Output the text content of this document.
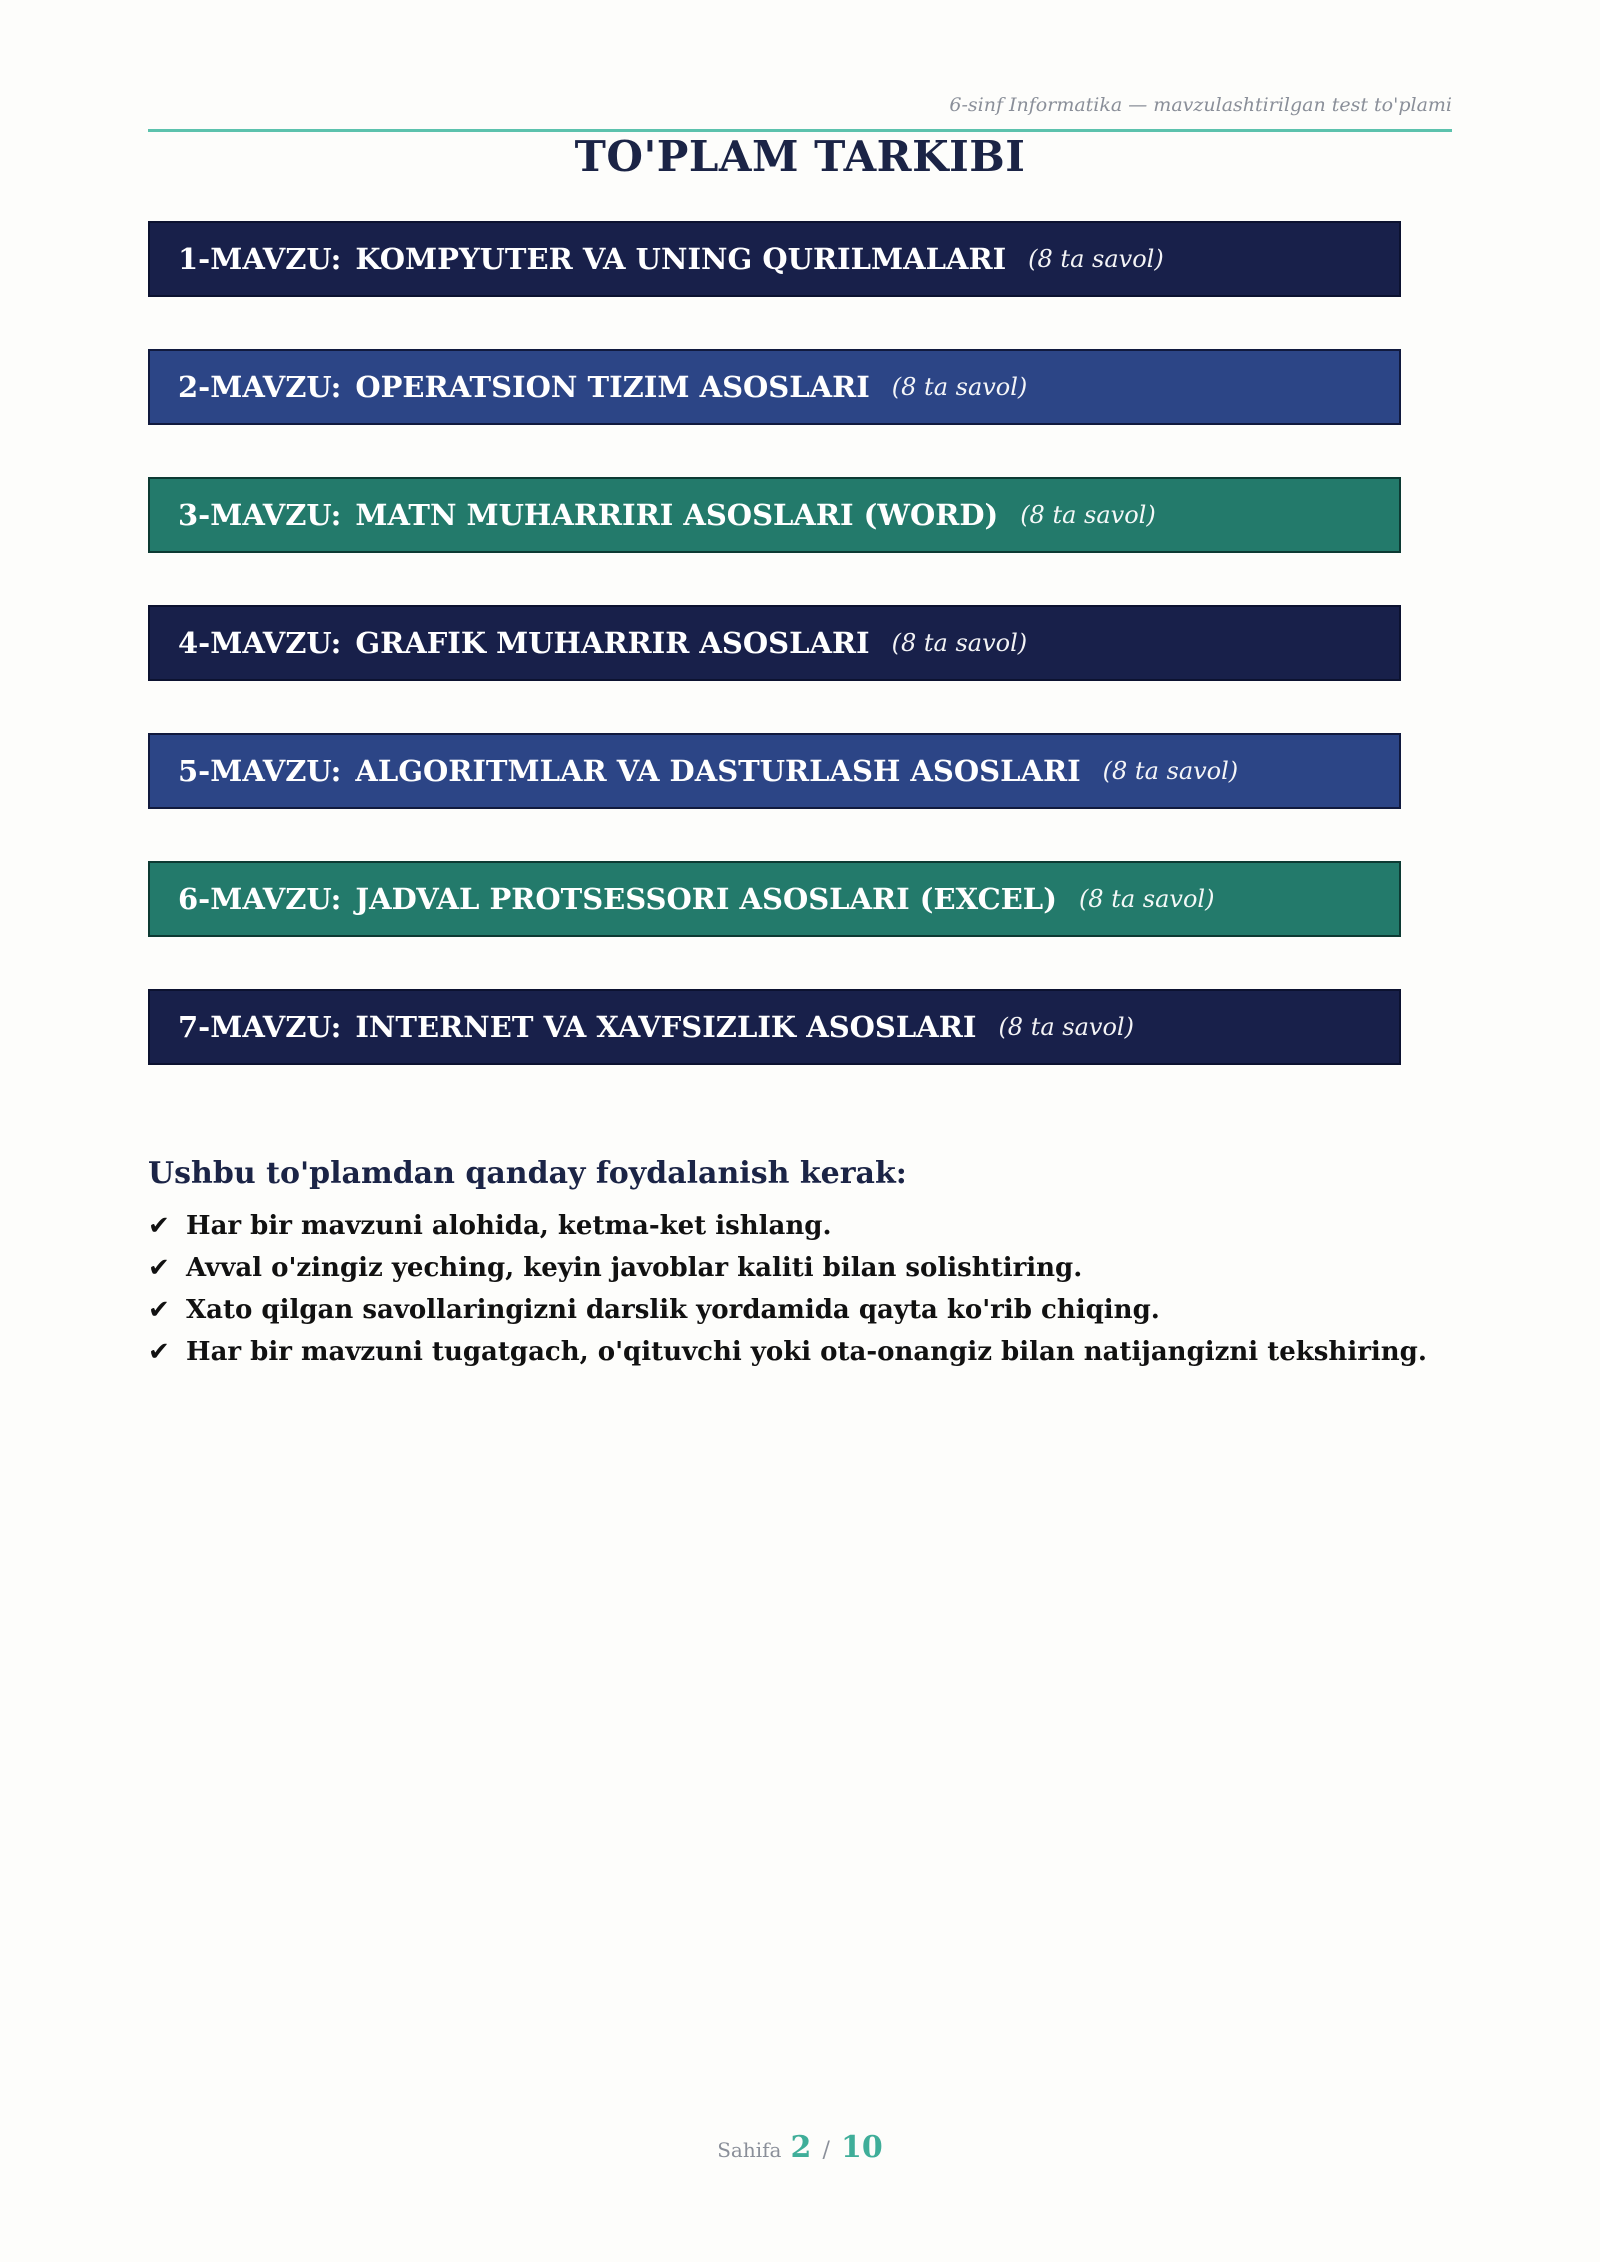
6-sinf Informatika — mavzulashtirilgan test to'plami
TO'PLAM TARKIBI
1-MAVZU: KOMPYUTER VA UNING QURILMALARI (8 ta savol)
2-MAVZU: OPERATSION TIZIM ASOSLARI (8 ta savol)
3-MAVZU: MATN MUHARRIRI ASOSLARI (WORD) (8 ta savol)
4-MAVZU: GRAFIK MUHARRIR ASOSLARI (8 ta savol)
5-MAVZU: ALGORITMLAR VA DASTURLASH ASOSLARI (8 ta savol)
6-MAVZU: JADVAL PROTSESSORI ASOSLARI (EXCEL) (8 ta savol)
7-MAVZU: INTERNET VA XAVFSIZLIK ASOSLARI (8 ta savol)
Ushbu to'plamdan qanday foydalanish kerak:
✔ Har bir mavzuni alohida, ketma-ket ishlang.
✔ Avval o'zingiz yeching, keyin javoblar kaliti bilan solishtiring.
✔ Xato qilgan savollaringizni darslik yordamida qayta ko'rib chiqing.
✔ Har bir mavzuni tugatgach, o'qituvchi yoki ota-onangiz bilan natijangizni tekshiring.
Sahifa 2 / 10
